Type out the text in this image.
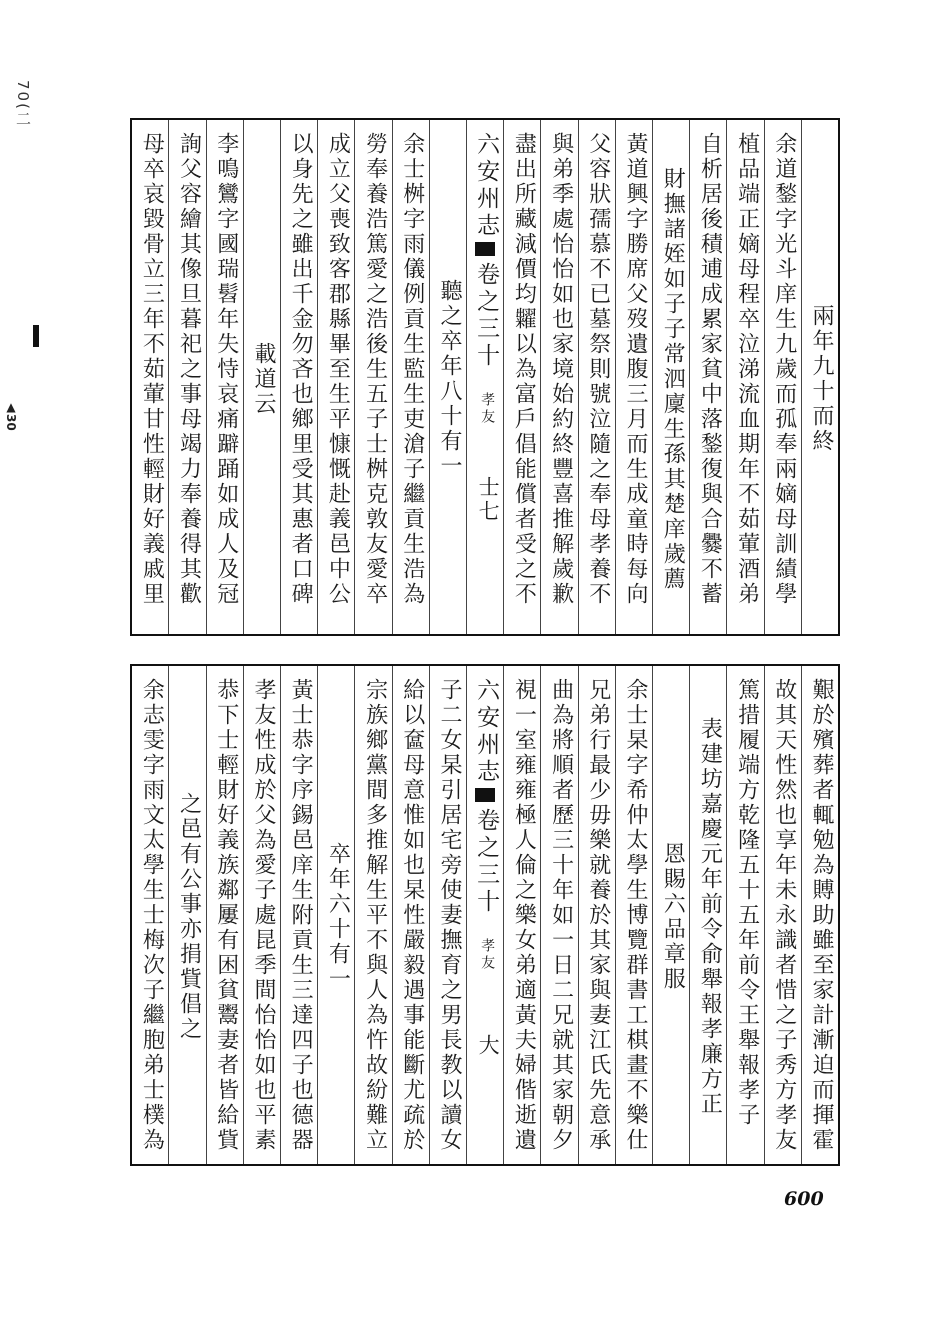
70(二
▲30	兩年九十而終
余道鍫字光斗庠生九歲而孤奉兩嫡母訓績學
植品端正嫡母程卒泣涕流血期年不茹葷酒弟
自析居後積逋成累家貧中落鍫復與合爨不蓄
財撫諸姪如子子常泗廩生孫其楚庠歲薦
黃道興字勝席父歿遺腹三月而生成童時每向
父容狀孺慕不已墓祭則號泣隨之奉母孝養不
與弟季處怡怡如也家境始約終豐喜推解歲歉
盡出所藏減價均糶以為富戶倡能償者受之不
六安州志
卷之三十
孝友
士七
聽之卒年八十有一
余士桝字雨儀例貢生監生吏滄子繼貢生浩為
勞奉養浩篤愛之浩後生五子士桝克敦友愛卒
成立父喪致客郡縣畢至生平慷慨赴義邑中公
以身先之雖出千金勿吝也鄉里受其惠者口碑
載道云
李鳴鸞字國瑞髫年失恃哀痛躃踊如成人及冠
詢父容繪其像旦暮祀之事母竭力奉養得其歡
母卒哀毀骨立三年不茹葷甘性輕財好義戚里
艱於殯葬者輒勉為賻助雖至家計漸迫而揮霍
故其天性然也享年未永識者惜之子秀方孝友
篤措履端方乾隆五十五年前令王舉報孝子　
表建坊嘉慶元年前令俞舉報孝廉方正
恩賜六品章服
余士杲字希仲太學生博覽群書工棋畫不樂仕
兄弟行最少毋樂就養於其家與妻江氏先意承
曲為將順者歷三十年如一日二兄就其家朝夕
視一室雍雍極人倫之樂女弟適黃夫婦偕逝遺
六安州志
卷之三十
孝友
大
子二女杲引居宅旁使妻撫育之男長教以讀女
給以奩母意惟如也杲性嚴毅遇事能斷尤疏於
宗族鄉黨間多推解生平不與人為忤故紛難立
卒年六十有一
黃士恭字序錫邑庠生附貢生三達四子也德器
孝友性成於父為愛子處昆季間怡怡如也平素
恭下士輕財好義族鄰屢有困貧鬻妻者皆給貲
之邑有公事亦捐貲倡之
余志雯字雨文太學生士梅次子繼胞弟士樸為
600
